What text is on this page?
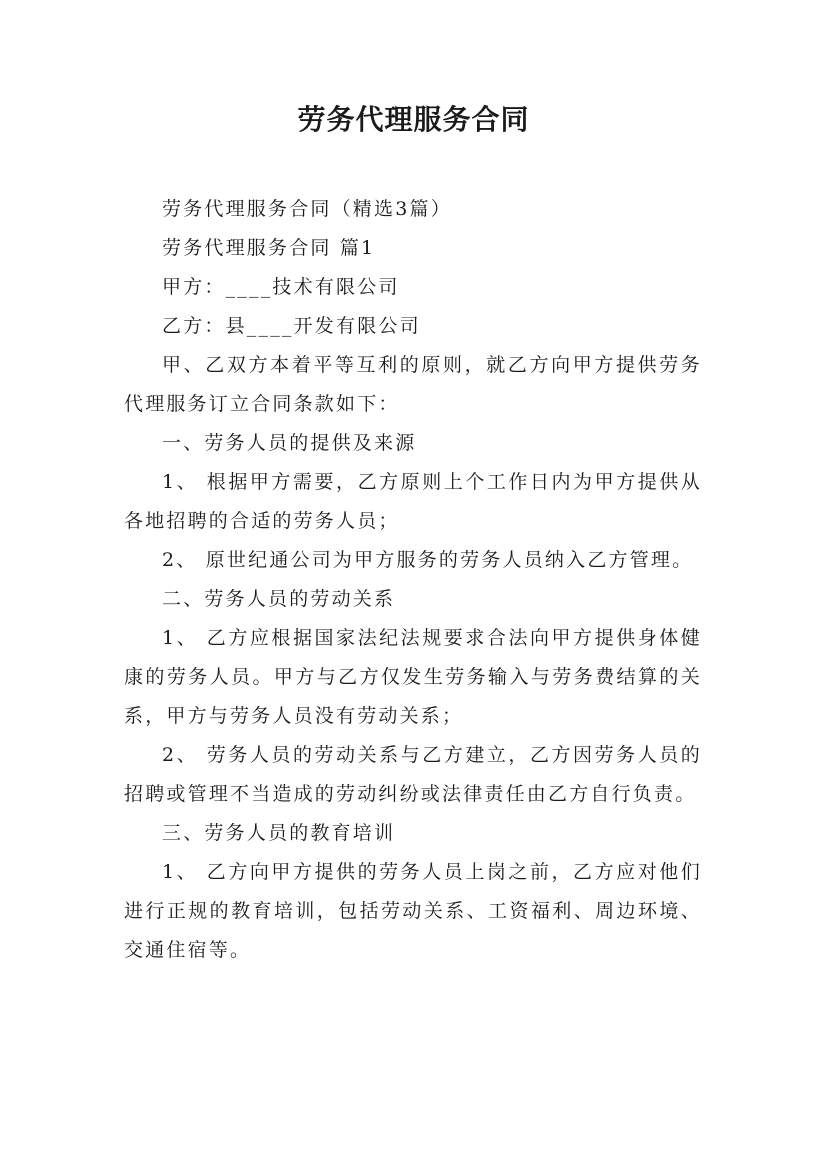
劳务代理服务合同

劳务代理服务合同（精选3篇）

劳务代理服务合同 篇1

甲方：____技术有限公司

乙方：县____开发有限公司

甲、乙双方本着平等互利的原则，就乙方向甲方提供劳务代理服务订立合同条款如下：

一、劳务人员的提供及来源

1、 根据甲方需要，乙方原则上个工作日内为甲方提供从各地招聘的合适的劳务人员；

2、 原世纪通公司为甲方服务的劳务人员纳入乙方管理。

二、劳务人员的劳动关系

1、 乙方应根据国家法纪法规要求合法向甲方提供身体健康的劳务人员。甲方与乙方仅发生劳务输入与劳务费结算的关系，甲方与劳务人员没有劳动关系；

2、 劳务人员的劳动关系与乙方建立，乙方因劳务人员的招聘或管理不当造成的劳动纠纷或法律责任由乙方自行负责。

三、劳务人员的教育培训

1、 乙方向甲方提供的劳务人员上岗之前，乙方应对他们进行正规的教育培训，包括劳动关系、工资福利、周边环境、交通住宿等。
